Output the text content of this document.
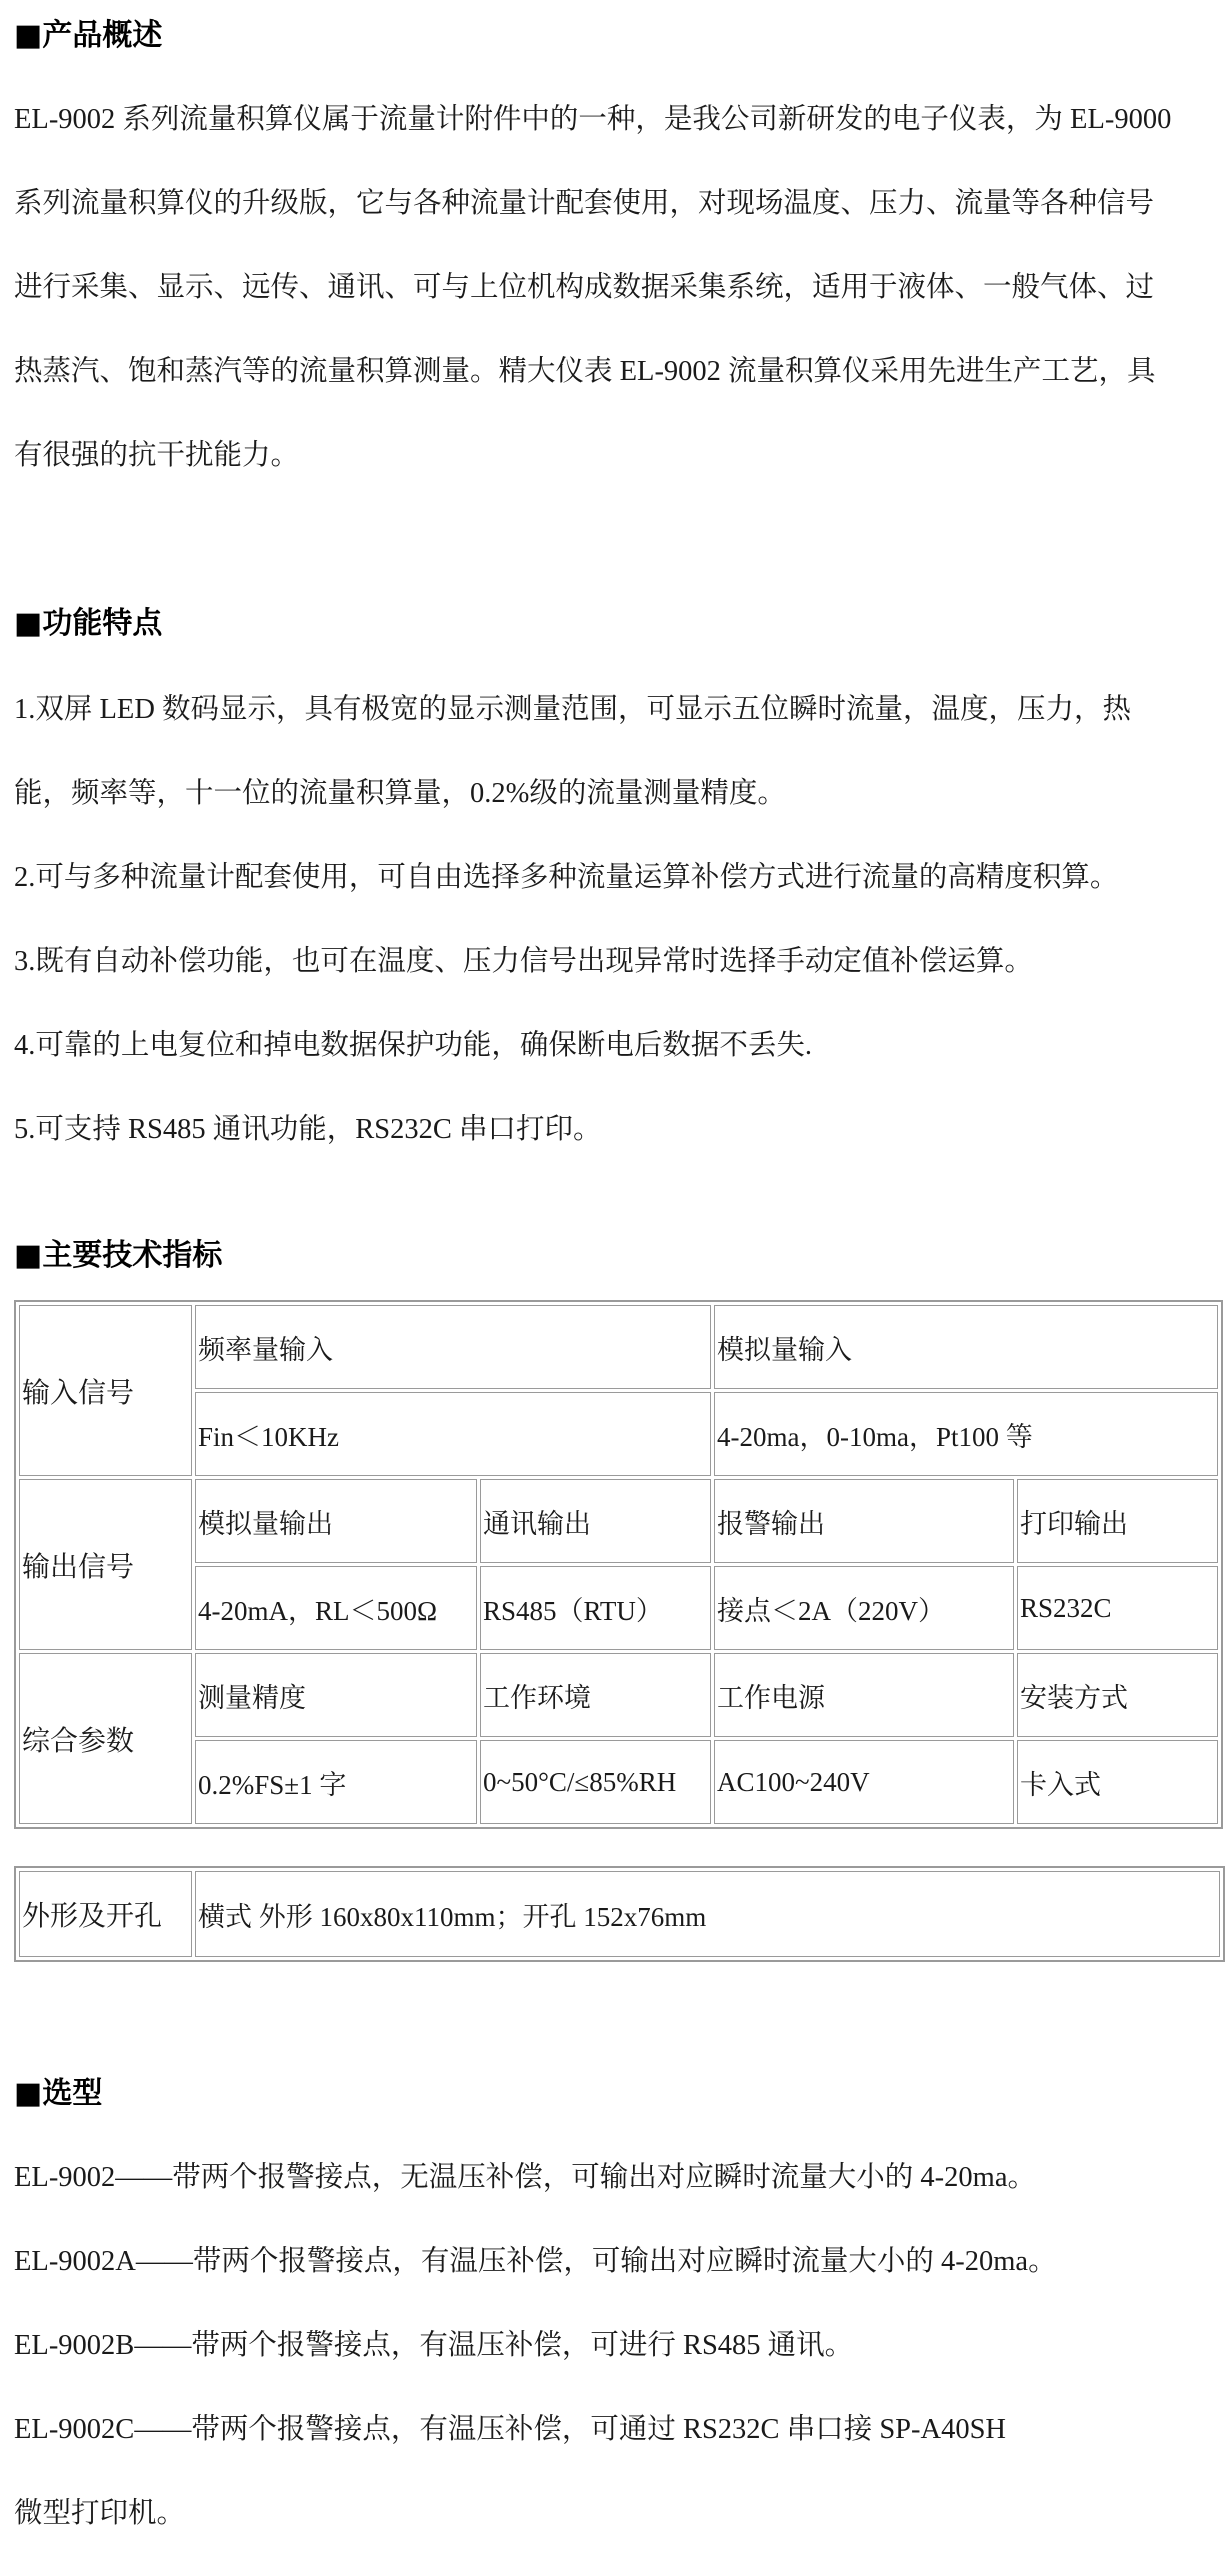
■产品概述
EL-9002 系列流量积算仪属于流量计附件中的一种，是我公司新研发的电子仪表，为 EL-9000
系列流量积算仪的升级版，它与各种流量计配套使用，对现场温度、压力、流量等各种信号
进行采集、显示、远传、通讯、可与上位机构成数据采集系统，适用于液体、一般气体、过
热蒸汽、饱和蒸汽等的流量积算测量。精大仪表 EL-9002 流量积算仪采用先进生产工艺，具
有很强的抗干扰能力。
■功能特点
1.双屏 LED 数码显示，具有极宽的显示测量范围，可显示五位瞬时流量，温度，压力，热
能，频率等，十一位的流量积算量，0.2%级的流量测量精度。
2.可与多种流量计配套使用，可自由选择多种流量运算补偿方式进行流量的高精度积算。
3.既有自动补偿功能，也可在温度、压力信号出现异常时选择手动定值补偿运算。
4.可靠的上电复位和掉电数据保护功能，确保断电后数据不丢失.
5.可支持 RS485 通讯功能，RS232C 串口打印。
■主要技术指标
输入信号	频率量输入		模拟量输入	
	Fin＜10KHz		4-20ma，0-10ma，Pt100 等	
输出信号	模拟量输出	通讯输出	报警输出	打印输出
	4-20mA，RL＜500Ω	RS485（RTU）	接点＜2A（220V）	RS232C
综合参数	测量精度	工作环境	工作电源	安装方式
	0.2%FS±1 字	0~50°C/≤85%RH	AC100~240V	卡入式
外形及开孔	横式 外形 160x80x110mm；开孔 152x76mm
■选型
EL-9002——带两个报警接点，无温压补偿，可输出对应瞬时流量大小的 4-20ma。
EL-9002A——带两个报警接点，有温压补偿，可输出对应瞬时流量大小的 4-20ma。
EL-9002B——带两个报警接点，有温压补偿，可进行 RS485 通讯。
EL-9002C——带两个报警接点，有温压补偿，可通过 RS232C 串口接 SP-A40SH
微型打印机。
